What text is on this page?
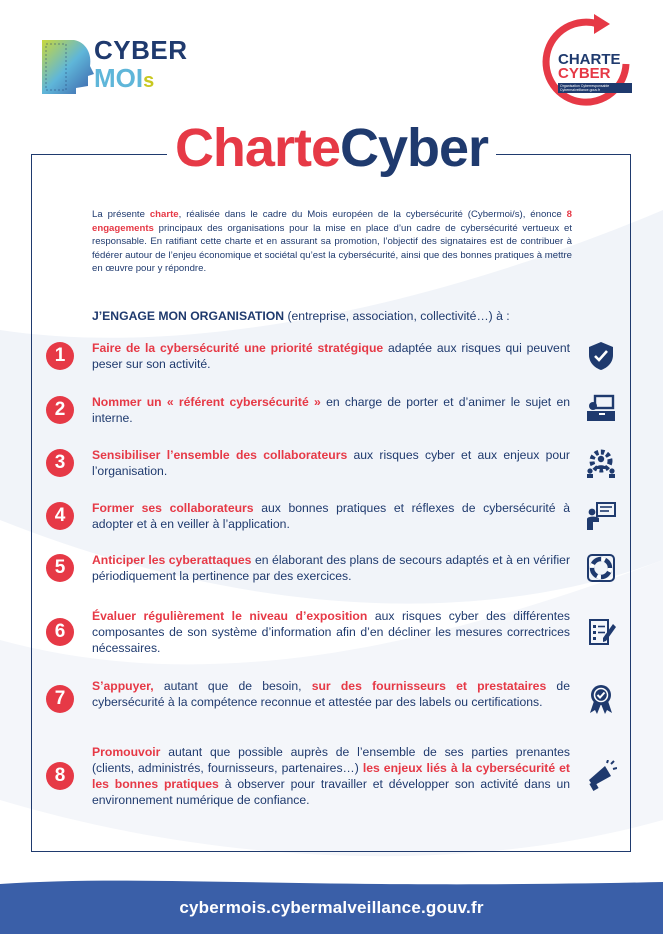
CYBER
MOIs
CHARTE
CYBER
Organisation Cyberresponsable Cybermalveillance.gouv.fr
CharteCyber
La présente charte, réalisée dans le cadre du Mois européen de la cybersécurité (Cybermoi/s), énonce 8 engagements principaux des organisations pour la mise en place d’un cadre de cybersécurité vertueux et responsable. En ratifiant cette charte et en assurant sa promotion, l’objectif des signataires est de contribuer à fédérer autour de l’enjeu économique et sociétal qu’est la cybersécurité, ainsi que des bonnes pratiques à mettre en œuvre pour y répondre.
J’ENGAGE MON ORGANISATION (entreprise, association, collectivité…) à :
1	Faire de la cybersécurité une priorité stratégique adaptée aux risques qui peuvent peser sur son activité.
2	Nommer un « référent cybersécurité » en charge de porter et d’animer le sujet en interne.
3	Sensibiliser l’ensemble des collaborateurs aux risques cyber et aux enjeux pour l’organisation.
4	Former ses collaborateurs aux bonnes pratiques et réflexes de cybersécurité à adopter et à en veiller à l’application.
5	Anticiper les cyberattaques en élaborant des plans de secours adaptés et à en vérifier périodiquement la pertinence par des exercices.
6
Évaluer régulièrement le niveau d’exposition aux risques cyber des différentes composantes de son système d’information afin d’en décliner les mesures correctrices nécessaires.
7
S’appuyer, autant que de besoin, sur des fournisseurs et prestataires de cybersécurité à la compétence reconnue et attestée par des labels ou certifications.
8
Promouvoir autant que possible auprès de l’ensemble de ses parties prenantes (clients, administrés, fournisseurs, partenaires…) les enjeux liés à la cybersécurité et les bonnes pratiques à observer pour travailler et développer son activité dans un environnement numérique de confiance.
cybermois.cybermalveillance.gouv.fr
